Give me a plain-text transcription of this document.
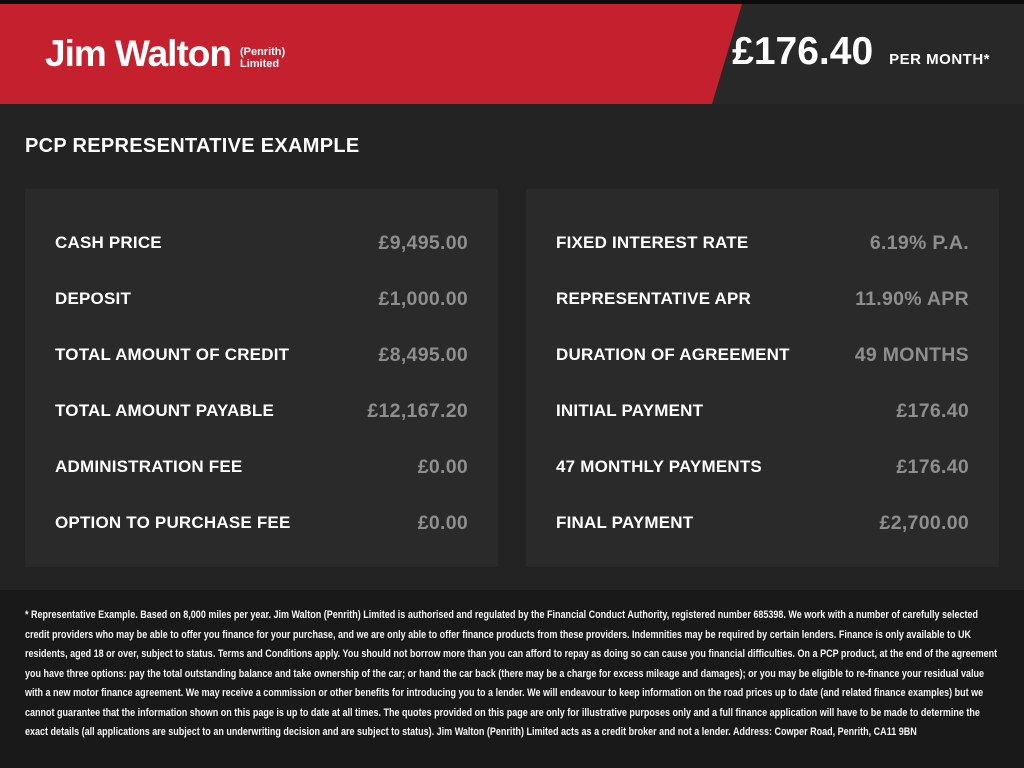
Jim Walton (Penrith)
Limited	£176.40 PER MONTH*
PCP REPRESENTATIVE EXAMPLE
CASH PRICE	£9,495.00
DEPOSIT	£1,000.00
TOTAL AMOUNT OF CREDIT	£8,495.00
TOTAL AMOUNT PAYABLE	£12,167.20
ADMINISTRATION FEE	£0.00
OPTION TO PURCHASE FEE	£0.00
FIXED INTEREST RATE	6.19% P.A.
REPRESENTATIVE APR	11.90% APR
DURATION OF AGREEMENT	49 MONTHS
INITIAL PAYMENT	£176.40
47 MONTHLY PAYMENTS	£176.40
FINAL PAYMENT	£2,700.00
* Representative Example. Based on 8,000 miles per year. Jim Walton (Penrith) Limited is authorised and regulated by the Financial Conduct Authority, registered number 685398. We work with a number of carefully selected credit providers who may be able to offer you finance for your purchase, and we are only able to offer finance products from these providers. Indemnities may be required by certain lenders. Finance is only available to UK residents, aged 18 or over, subject to status. Terms and Conditions apply. You should not borrow more than you can afford to repay as doing so can cause you financial difficulties. On a PCP product, at the end of the agreement you have three options: pay the total outstanding balance and take ownership of the car; or hand the car back (there may be a charge for excess mileage and damages); or you may be eligible to re-finance your residual value with a new motor finance agreement. We may receive a commission or other benefits for introducing you to a lender. We will endeavour to keep information on the road prices up to date (and related finance examples) but we cannot guarantee that the information shown on this page is up to date at all times. The quotes provided on this page are only for illustrative purposes only and a full finance application will have to be made to determine the exact details (all applications are subject to an underwriting decision and are subject to status). Jim Walton (Penrith) Limited acts as a credit broker and not a lender. Address: Cowper Road, Penrith, CA11 9BN
